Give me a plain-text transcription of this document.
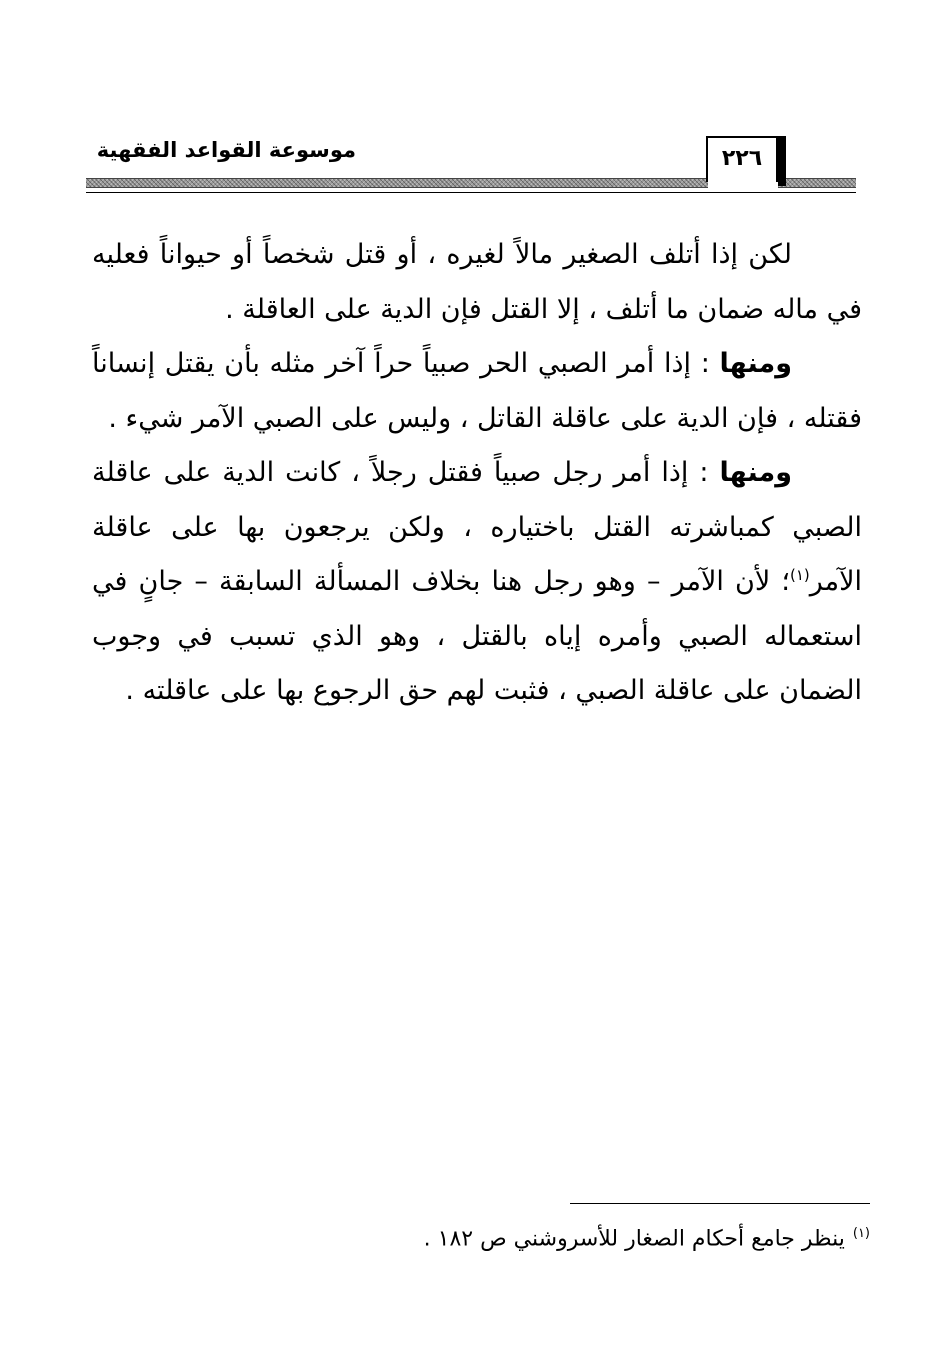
موسوعة القواعد الفقهية	٢٢٦

لكن إذا أتلف الصغير مالاً لغيره ، أو قتل شخصاً أو حيواناً فعليه في ماله ضمان ما أتلف ، إلا القتل فإن الدية على العاقلة .

ومنها : إذا أمر الصبي الحر صبياً حراً آخر مثله بأن يقتل إنساناً فقتله ، فإن الدية على عاقلة القاتل ، وليس على الصبي الآمر شيء .

ومنها : إذا أمر رجل صبياً فقتل رجلاً ، كانت الدية على عاقلة الصبي كمباشرته القتل باختياره ، ولكن يرجعون بها على عاقلة الآمر$^{(١)}$؛ لأن الآمر – وهو رجل هنا بخلاف المسألة السابقة – جانٍ في استعماله الصبي وأمره إياه بالقتل ، وهو الذي تسبب في وجوب الضمان على عاقلة الصبي ، فثبت لهم حق الرجوع بها على عاقلته .

$^{(١)}$ينظر جامع أحكام الصغار للأسروشني ص ١٨٢ .
